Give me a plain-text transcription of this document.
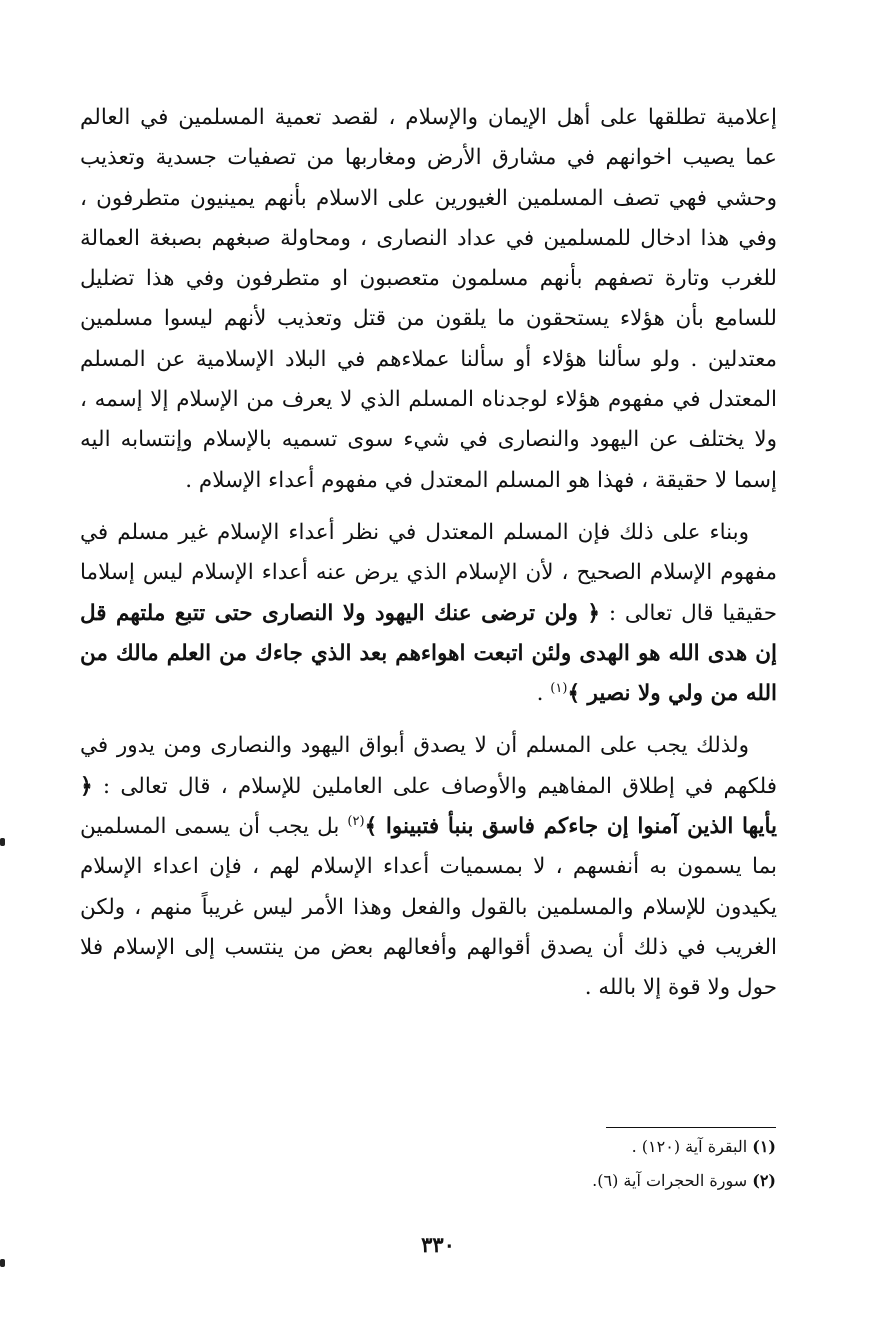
إعلامية تطلقها على أهل الإيمان والإسلام ، لقصد تعمية المسلمين في العالم عما يصيب اخوانهم في مشارق الأرض ومغاربها من تصفيات جسدية وتعذيب وحشي فهي تصف المسلمين الغيورين على الاسلام بأنهم يمينيون متطرفون ، وفي هذا ادخال للمسلمين في عداد النصارى ، ومحاولة صبغهم بصبغة العمالة للغرب وتارة تصفهم بأنهم مسلمون متعصبون او متطرفون وفي هذا تضليل للسامع بأن هؤلاء يستحقون ما يلقون من قتل وتعذيب لأنهم ليسوا مسلمين معتدلين . ولو سألنا هؤلاء أو سألنا عملاءهم في البلاد الإسلامية عن المسلم المعتدل في مفهوم هؤلاء لوجدناه المسلم الذي لا يعرف من الإسلام إلا إسمه ، ولا يختلف عن اليهود والنصارى في شيء سوى تسميه بالإسلام وإنتسابه اليه إسما لا حقيقة ، فهذا هو المسلم المعتدل في مفهوم أعداء الإسلام .

وبناء على ذلك فإن المسلم المعتدل في نظر أعداء الإسلام غير مسلم في مفهوم الإسلام الصحيح ، لأن الإسلام الذي يرض عنه أعداء الإسلام ليس إسلاما حقيقيا قال تعالى : ﴿ ولن ترضى عنك اليهود ولا النصارى حتى تتبع ملتهم قل إن هدى الله هو الهدى ولئن اتبعت اهواءهم بعد الذي جاءك من العلم مالك من الله من ولي ولا نصير ﴾$^{(١)}$ .

ولذلك يجب على المسلم أن لا يصدق أبواق اليهود والنصارى ومن يدور في فلكهم في إطلاق المفاهيم والأوصاف على العاملين للإسلام ، قال تعالى : ﴿ يأيها الذين آمنوا إن جاءكم فاسق بنبأ فتبينوا ﴾$^{(٢)}$ بل يجب أن يسمى المسلمين بما يسمون به أنفسهم ، لا بمسميات أعداء الإسلام لهم ، فإن اعداء الإسلام يكيدون للإسلام والمسلمين بالقول والفعل وهذا الأمر ليس غريباً منهم ، ولكن الغريب في ذلك أن يصدق أقوالهم وأفعالهم بعض من ينتسب إلى الإسلام فلا حول ولا قوة إلا بالله .

(١) البقرة آية (١٢٠) .
(٢) سورة الحجرات آية (٦).
٣٣٠
